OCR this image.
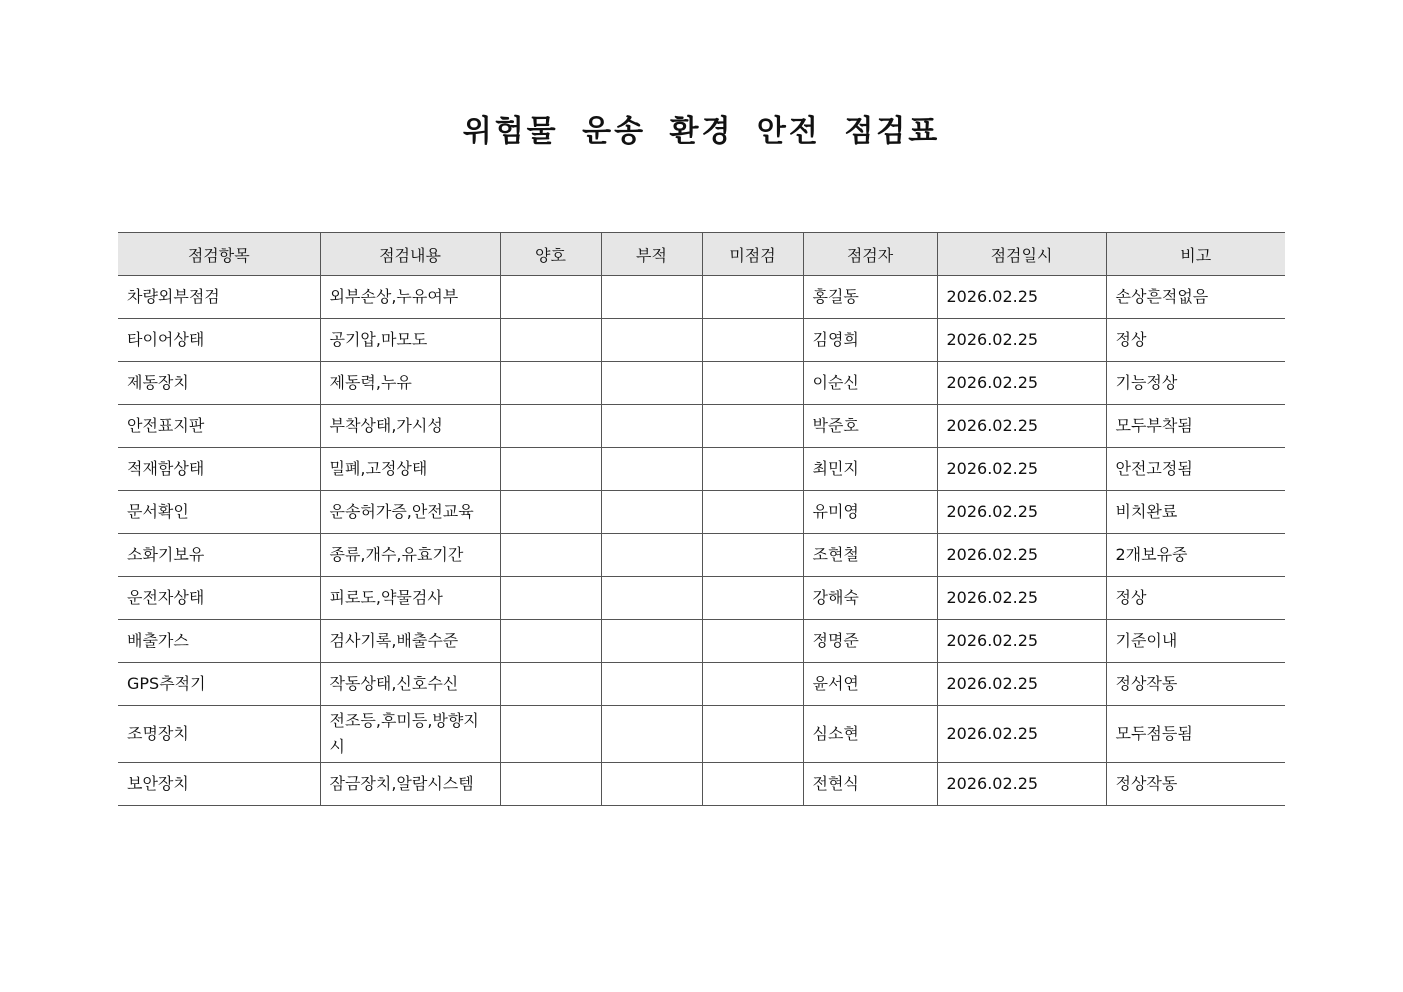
위험물 운송 환경 안전 점검표
점검항목	점검내용	양호	부적	미점검	점검자	점검일시	비고
차량외부점검	외부손상,누유여부				홍길동	2026.02.25	손상흔적없음
타이어상태	공기압,마모도				김영희	2026.02.25	정상
제동장치	제동력,누유				이순신	2026.02.25	기능정상
안전표지판	부착상태,가시성				박준호	2026.02.25	모두부착됨
적재함상태	밀폐,고정상태				최민지	2026.02.25	안전고정됨
문서확인	운송허가증,안전교육				유미영	2026.02.25	비치완료
소화기보유	종류,개수,유효기간				조현철	2026.02.25	2개보유중
운전자상태	피로도,약물검사				강해숙	2026.02.25	정상
배출가스	검사기록,배출수준				정명준	2026.02.25	기준이내
GPS추적기	작동상태,신호수신				윤서연	2026.02.25	정상작동
조명장치	전조등,후미등,방향지시				심소현	2026.02.25	모두점등됨
보안장치	잠금장치,알람시스템				전현식	2026.02.25	정상작동
